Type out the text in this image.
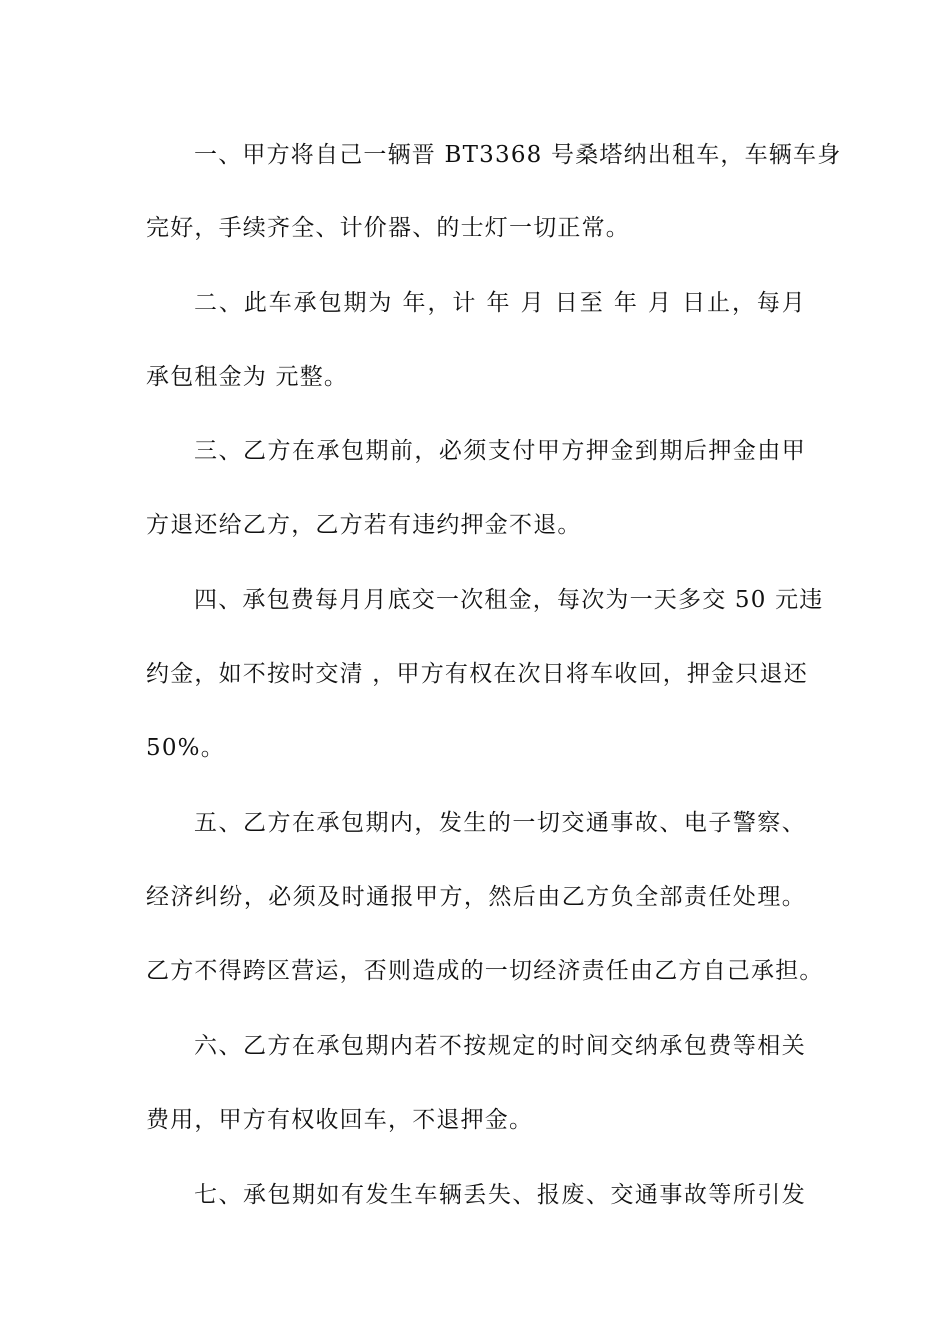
一、甲方将自己一辆晋 BT3368 号桑塔纳出租车，车辆车身
完好，手续齐全、计价器、的士灯一切正常。
二、此车承包期为 年，计 年 月 日至 年 月 日止，每月
承包租金为 元整。
三、乙方在承包期前，必须支付甲方押金到期后押金由甲
方退还给乙方，乙方若有违约押金不退。
四、承包费每月月底交一次租金，每次为一天多交 50 元违
约金，如不按时交清 ，甲方有权在次日将车收回，押金只退还
50%。
五、乙方在承包期内，发生的一切交通事故、电子警察、
经济纠纷，必须及时通报甲方，然后由乙方负全部责任处理。
乙方不得跨区营运，否则造成的一切经济责任由乙方自己承担。
六、乙方在承包期内若不按规定的时间交纳承包费等相关
费用，甲方有权收回车，不退押金。
七、承包期如有发生车辆丢失、报废、交通事故等所引发
